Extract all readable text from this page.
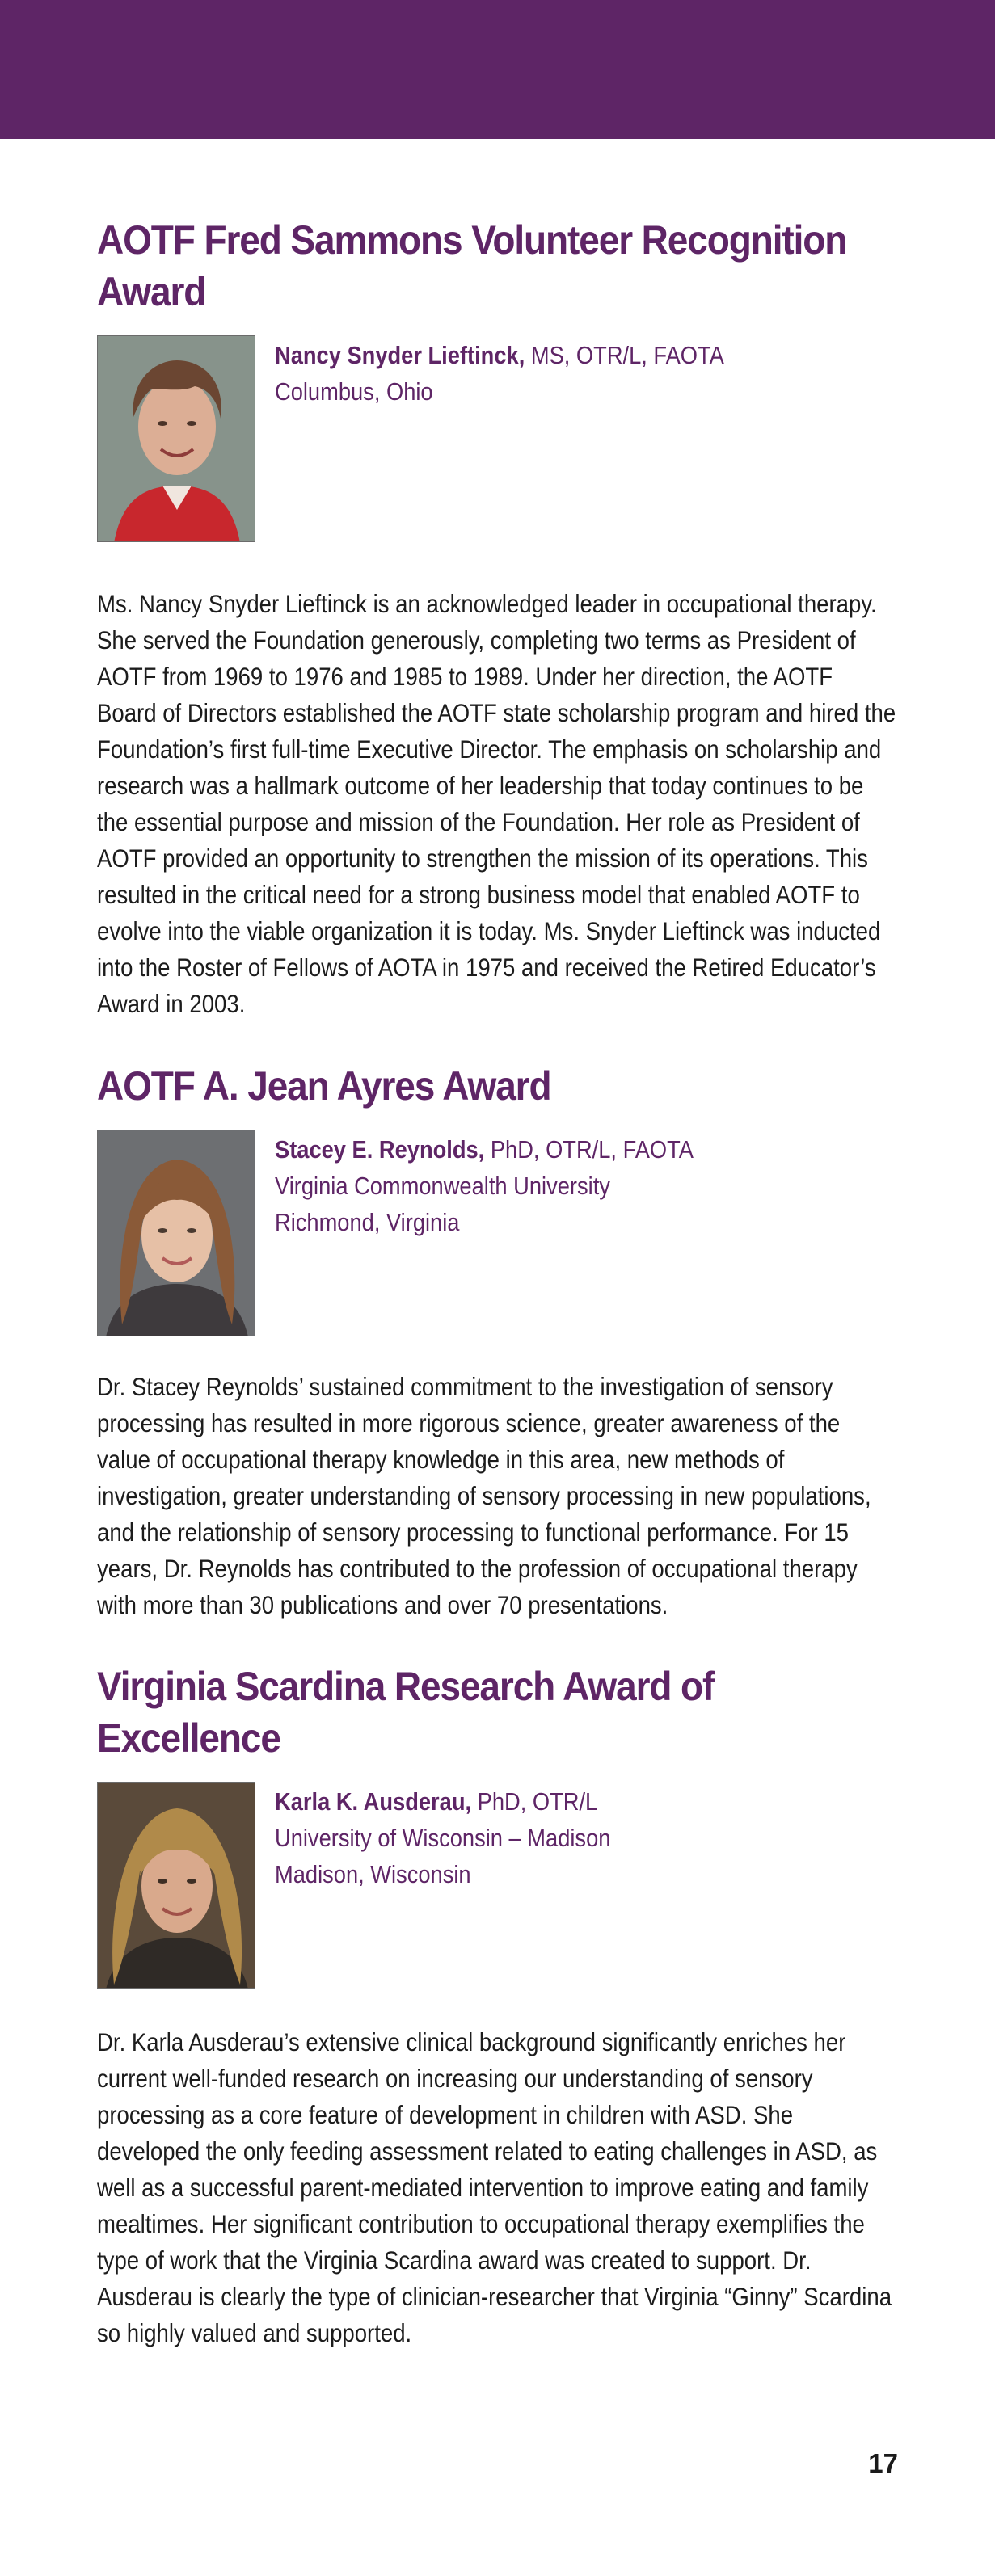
AOTF Fred Sammons Volunteer Recognition Award
Nancy Snyder Lieftinck, MS, OTR/L, FAOTA
Columbus, Ohio

Ms. Nancy Snyder Lieftinck is an acknowledged leader in occupational therapy. She served the Foundation generously, completing two terms as President of AOTF from 1969 to 1976 and 1985 to 1989. Under her direction, the AOTF Board of Directors established the AOTF state scholarship program and hired the Foundation’s first full-time Executive Director. The emphasis on scholarship and research was a hallmark outcome of her leadership that today continues to be the essential purpose and mission of the Foundation. Her role as President of AOTF provided an opportunity to strengthen the mission of its operations. This resulted in the critical need for a strong business model that enabled AOTF to evolve into the viable organization it is today. Ms. Snyder Lieftinck was inducted into the Roster of Fellows of AOTA in 1975 and received the Retired Educator’s Award in 2003.

AOTF A. Jean Ayres Award
Stacey E. Reynolds, PhD, OTR/L, FAOTA
Virginia Commonwealth University
Richmond, Virginia

Dr. Stacey Reynolds’ sustained commitment to the investigation of sensory processing has resulted in more rigorous science, greater awareness of the value of occupational therapy knowledge in this area, new methods of investigation, greater understanding of sensory processing in new populations, and the relationship of sensory processing to functional performance. For 15 years, Dr. Reynolds has contributed to the profession of occupational therapy with more than 30 publications and over 70 presentations.

Virginia Scardina Research Award of Excellence
Karla K. Ausderau, PhD, OTR/L
University of Wisconsin – Madison
Madison, Wisconsin

Dr. Karla Ausderau’s extensive clinical background significantly enriches her current well-funded research on increasing our understanding of sensory processing as a core feature of development in children with ASD. She developed the only feeding assessment related to eating challenges in ASD, as well as a successful parent-mediated intervention to improve eating and family mealtimes. Her significant contribution to occupational therapy exemplifies the type of work that the Virginia Scardina award was created to support. Dr. Ausderau is clearly the type of clinician-researcher that Virginia “Ginny” Scardina so highly valued and supported.

17
